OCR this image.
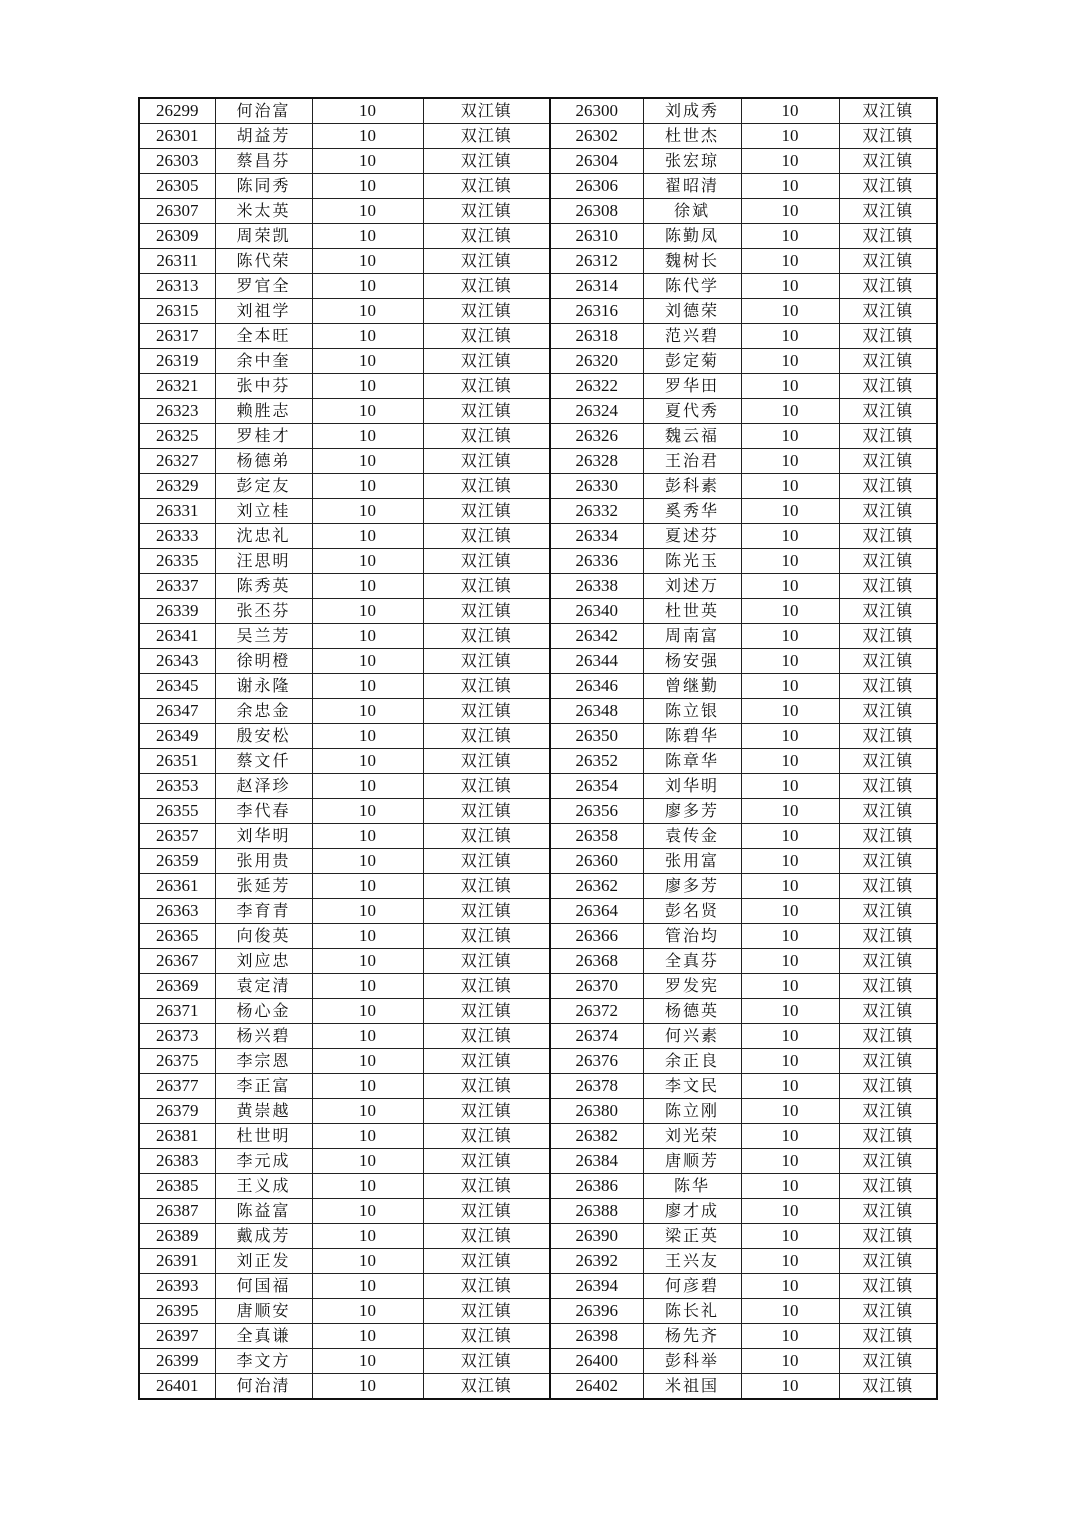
26299	何治富	10	双江镇	26300	刘成秀	10	双江镇
26301	胡益芳	10	双江镇	26302	杜世杰	10	双江镇
26303	蔡昌芬	10	双江镇	26304	张宏琼	10	双江镇
26305	陈同秀	10	双江镇	26306	翟昭清	10	双江镇
26307	米太英	10	双江镇	26308	徐斌	10	双江镇
26309	周荣凯	10	双江镇	26310	陈勤凤	10	双江镇
26311	陈代荣	10	双江镇	26312	魏树长	10	双江镇
26313	罗官全	10	双江镇	26314	陈代学	10	双江镇
26315	刘祖学	10	双江镇	26316	刘德荣	10	双江镇
26317	全本旺	10	双江镇	26318	范兴碧	10	双江镇
26319	余中奎	10	双江镇	26320	彭定菊	10	双江镇
26321	张中芬	10	双江镇	26322	罗华田	10	双江镇
26323	赖胜志	10	双江镇	26324	夏代秀	10	双江镇
26325	罗桂才	10	双江镇	26326	魏云福	10	双江镇
26327	杨德弟	10	双江镇	26328	王治君	10	双江镇
26329	彭定友	10	双江镇	26330	彭科素	10	双江镇
26331	刘立桂	10	双江镇	26332	奚秀华	10	双江镇
26333	沈忠礼	10	双江镇	26334	夏述芬	10	双江镇
26335	汪思明	10	双江镇	26336	陈光玉	10	双江镇
26337	陈秀英	10	双江镇	26338	刘述万	10	双江镇
26339	张丕芬	10	双江镇	26340	杜世英	10	双江镇
26341	吴兰芳	10	双江镇	26342	周南富	10	双江镇
26343	徐明橙	10	双江镇	26344	杨安强	10	双江镇
26345	谢永隆	10	双江镇	26346	曾继勤	10	双江镇
26347	余忠金	10	双江镇	26348	陈立银	10	双江镇
26349	殷安松	10	双江镇	26350	陈碧华	10	双江镇
26351	蔡文仟	10	双江镇	26352	陈章华	10	双江镇
26353	赵泽珍	10	双江镇	26354	刘华明	10	双江镇
26355	李代春	10	双江镇	26356	廖多芳	10	双江镇
26357	刘华明	10	双江镇	26358	袁传金	10	双江镇
26359	张用贵	10	双江镇	26360	张用富	10	双江镇
26361	张延芳	10	双江镇	26362	廖多芳	10	双江镇
26363	李育青	10	双江镇	26364	彭名贤	10	双江镇
26365	向俊英	10	双江镇	26366	管治均	10	双江镇
26367	刘应忠	10	双江镇	26368	全真芬	10	双江镇
26369	袁定清	10	双江镇	26370	罗发宪	10	双江镇
26371	杨心金	10	双江镇	26372	杨德英	10	双江镇
26373	杨兴碧	10	双江镇	26374	何兴素	10	双江镇
26375	李宗恩	10	双江镇	26376	余正良	10	双江镇
26377	李正富	10	双江镇	26378	李文民	10	双江镇
26379	黄崇越	10	双江镇	26380	陈立刚	10	双江镇
26381	杜世明	10	双江镇	26382	刘光荣	10	双江镇
26383	李元成	10	双江镇	26384	唐顺芳	10	双江镇
26385	王义成	10	双江镇	26386	陈华	10	双江镇
26387	陈益富	10	双江镇	26388	廖才成	10	双江镇
26389	戴成芳	10	双江镇	26390	梁正英	10	双江镇
26391	刘正发	10	双江镇	26392	王兴友	10	双江镇
26393	何国福	10	双江镇	26394	何彦碧	10	双江镇
26395	唐顺安	10	双江镇	26396	陈长礼	10	双江镇
26397	全真谦	10	双江镇	26398	杨先齐	10	双江镇
26399	李文方	10	双江镇	26400	彭科举	10	双江镇
26401	何治清	10	双江镇	26402	米祖国	10	双江镇
